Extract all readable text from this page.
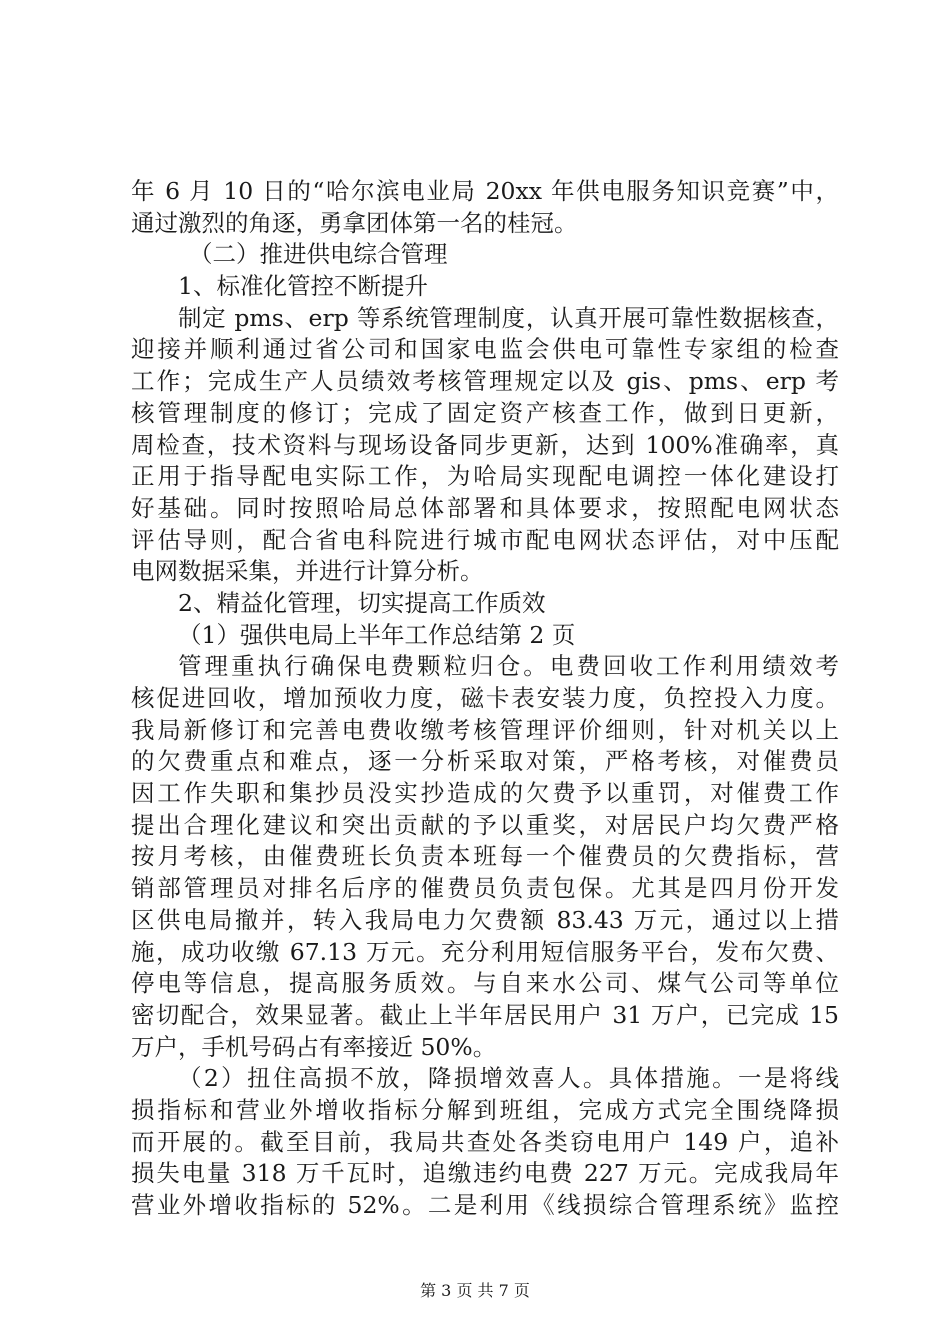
年 6 月 10 日的“哈尔滨电业局 20xx 年供电服务知识竞赛”中，
通过激烈的角逐，勇拿团体第一名的桂冠。
（二）推进供电综合管理
1、标准化管控不断提升
制定 pms、erp 等系统管理制度，认真开展可靠性数据核查，
迎接并顺利通过省公司和国家电监会供电可靠性专家组的检查
工作；完成生产人员绩效考核管理规定以及 gis、pms、erp 考
核管理制度的修订；完成了固定资产核查工作，做到日更新，
周检查，技术资料与现场设备同步更新，达到 100%准确率，真
正用于指导配电实际工作，为哈局实现配电调控一体化建设打
好基础。同时按照哈局总体部署和具体要求，按照配电网状态
评估导则，配合省电科院进行城市配电网状态评估，对中压配
电网数据采集，并进行计算分析。
2、精益化管理，切实提高工作质效
（1）强供电局上半年工作总结第 2 页
管理重执行确保电费颗粒归仓。电费回收工作利用绩效考
核促进回收，增加预收力度，磁卡表安装力度，负控投入力度。
我局新修订和完善电费收缴考核管理评价细则，针对机关以上
的欠费重点和难点，逐一分析采取对策，严格考核，对催费员
因工作失职和集抄员没实抄造成的欠费予以重罚，对催费工作
提出合理化建议和突出贡献的予以重奖，对居民户均欠费严格
按月考核，由催费班长负责本班每一个催费员的欠费指标，营
销部管理员对排名后序的催费员负责包保。尤其是四月份开发
区供电局撤并，转入我局电力欠费额 83.43 万元，通过以上措
施，成功收缴 67.13 万元。充分利用短信服务平台，发布欠费、
停电等信息，提高服务质效。与自来水公司、煤气公司等单位
密切配合，效果显著。截止上半年居民用户 31 万户，已完成 15
万户，手机号码占有率接近 50%。
（2）扭住高损不放，降损增效喜人。具体措施。一是将线
损指标和营业外增收指标分解到班组，完成方式完全围绕降损
而开展的。截至目前，我局共查处各类窃电用户 149 户，追补
损失电量 318 万千瓦时，追缴违约电费 227 万元。完成我局年
营业外增收指标的 52%。二是利用《线损综合管理系统》监控
第 3 页 共 7 页
